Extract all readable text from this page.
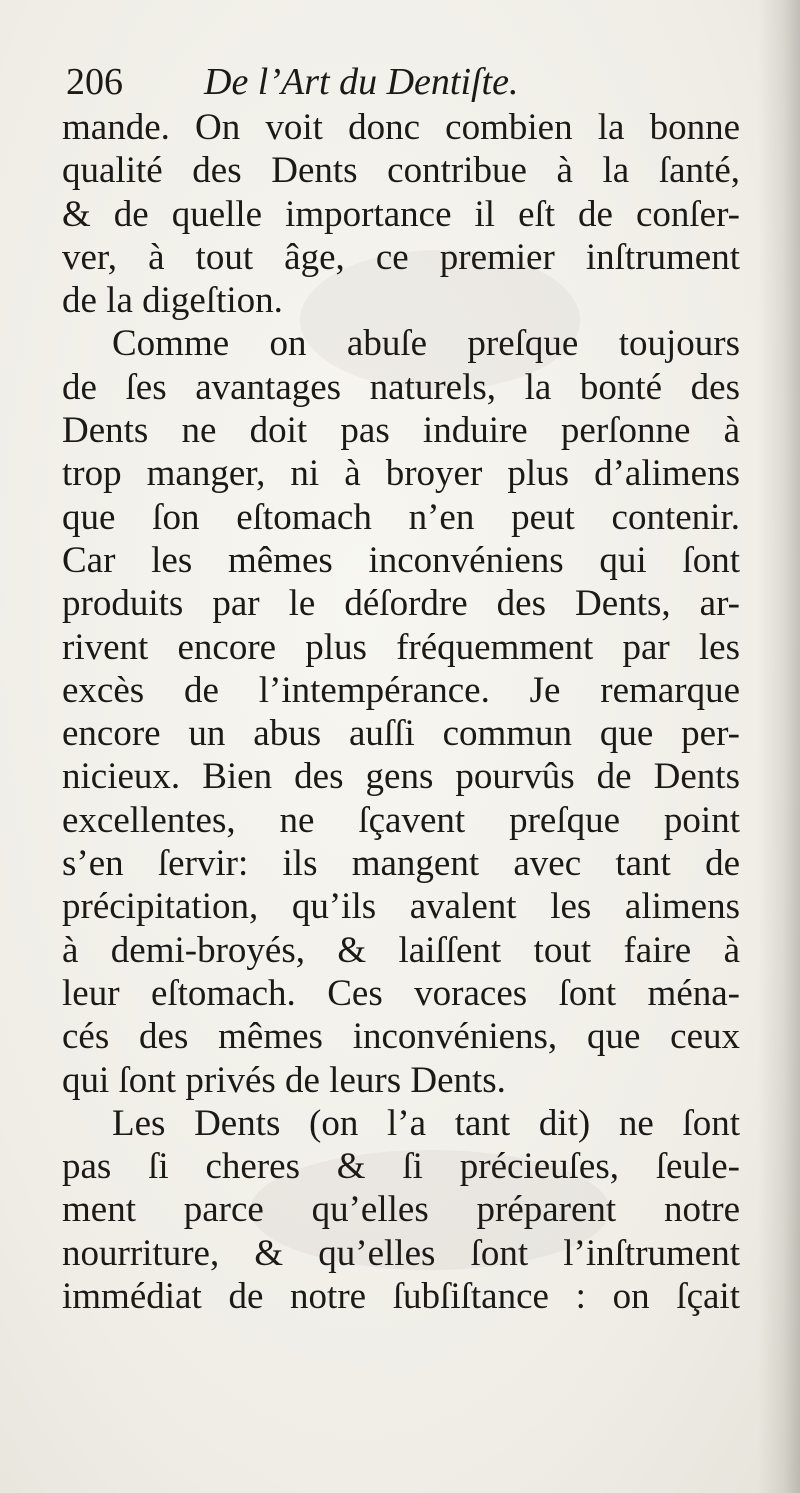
206 De l’Art du Dentiſte.
mande. On voit donc combien la bonne
qualité des Dents contribue à la ſanté,
& de quelle importance il eſt de conſer-
ver, à tout âge, ce premier inſtrument
de la digeſtion.
Comme on abuſe preſque toujours
de ſes avantages naturels, la bonté des
Dents ne doit pas induire perſonne à
trop manger, ni à broyer plus d’alimens
que ſon eſtomach n’en peut contenir.
Car les mêmes inconvéniens qui ſont
produits par le déſordre des Dents, ar-
rivent encore plus fréquemment par les
excès de l’intempérance. Je remarque
encore un abus auſſi commun que per-
nicieux. Bien des gens pourvûs de Dents
excellentes, ne ſçavent preſque point
s’en ſervir: ils mangent avec tant de
précipitation, qu’ils avalent les alimens
à demi-broyés, & laiſſent tout faire à
leur eſtomach. Ces voraces ſont ména-
cés des mêmes inconvéniens, que ceux
qui ſont privés de leurs Dents.
Les Dents (on l’a tant dit) ne ſont
pas ſi cheres & ſi précieuſes, ſeule-
ment parce qu’elles préparent notre
nourriture, & qu’elles ſont l’inſtrument
immédiat de notre ſubſiſtance : on ſçait
